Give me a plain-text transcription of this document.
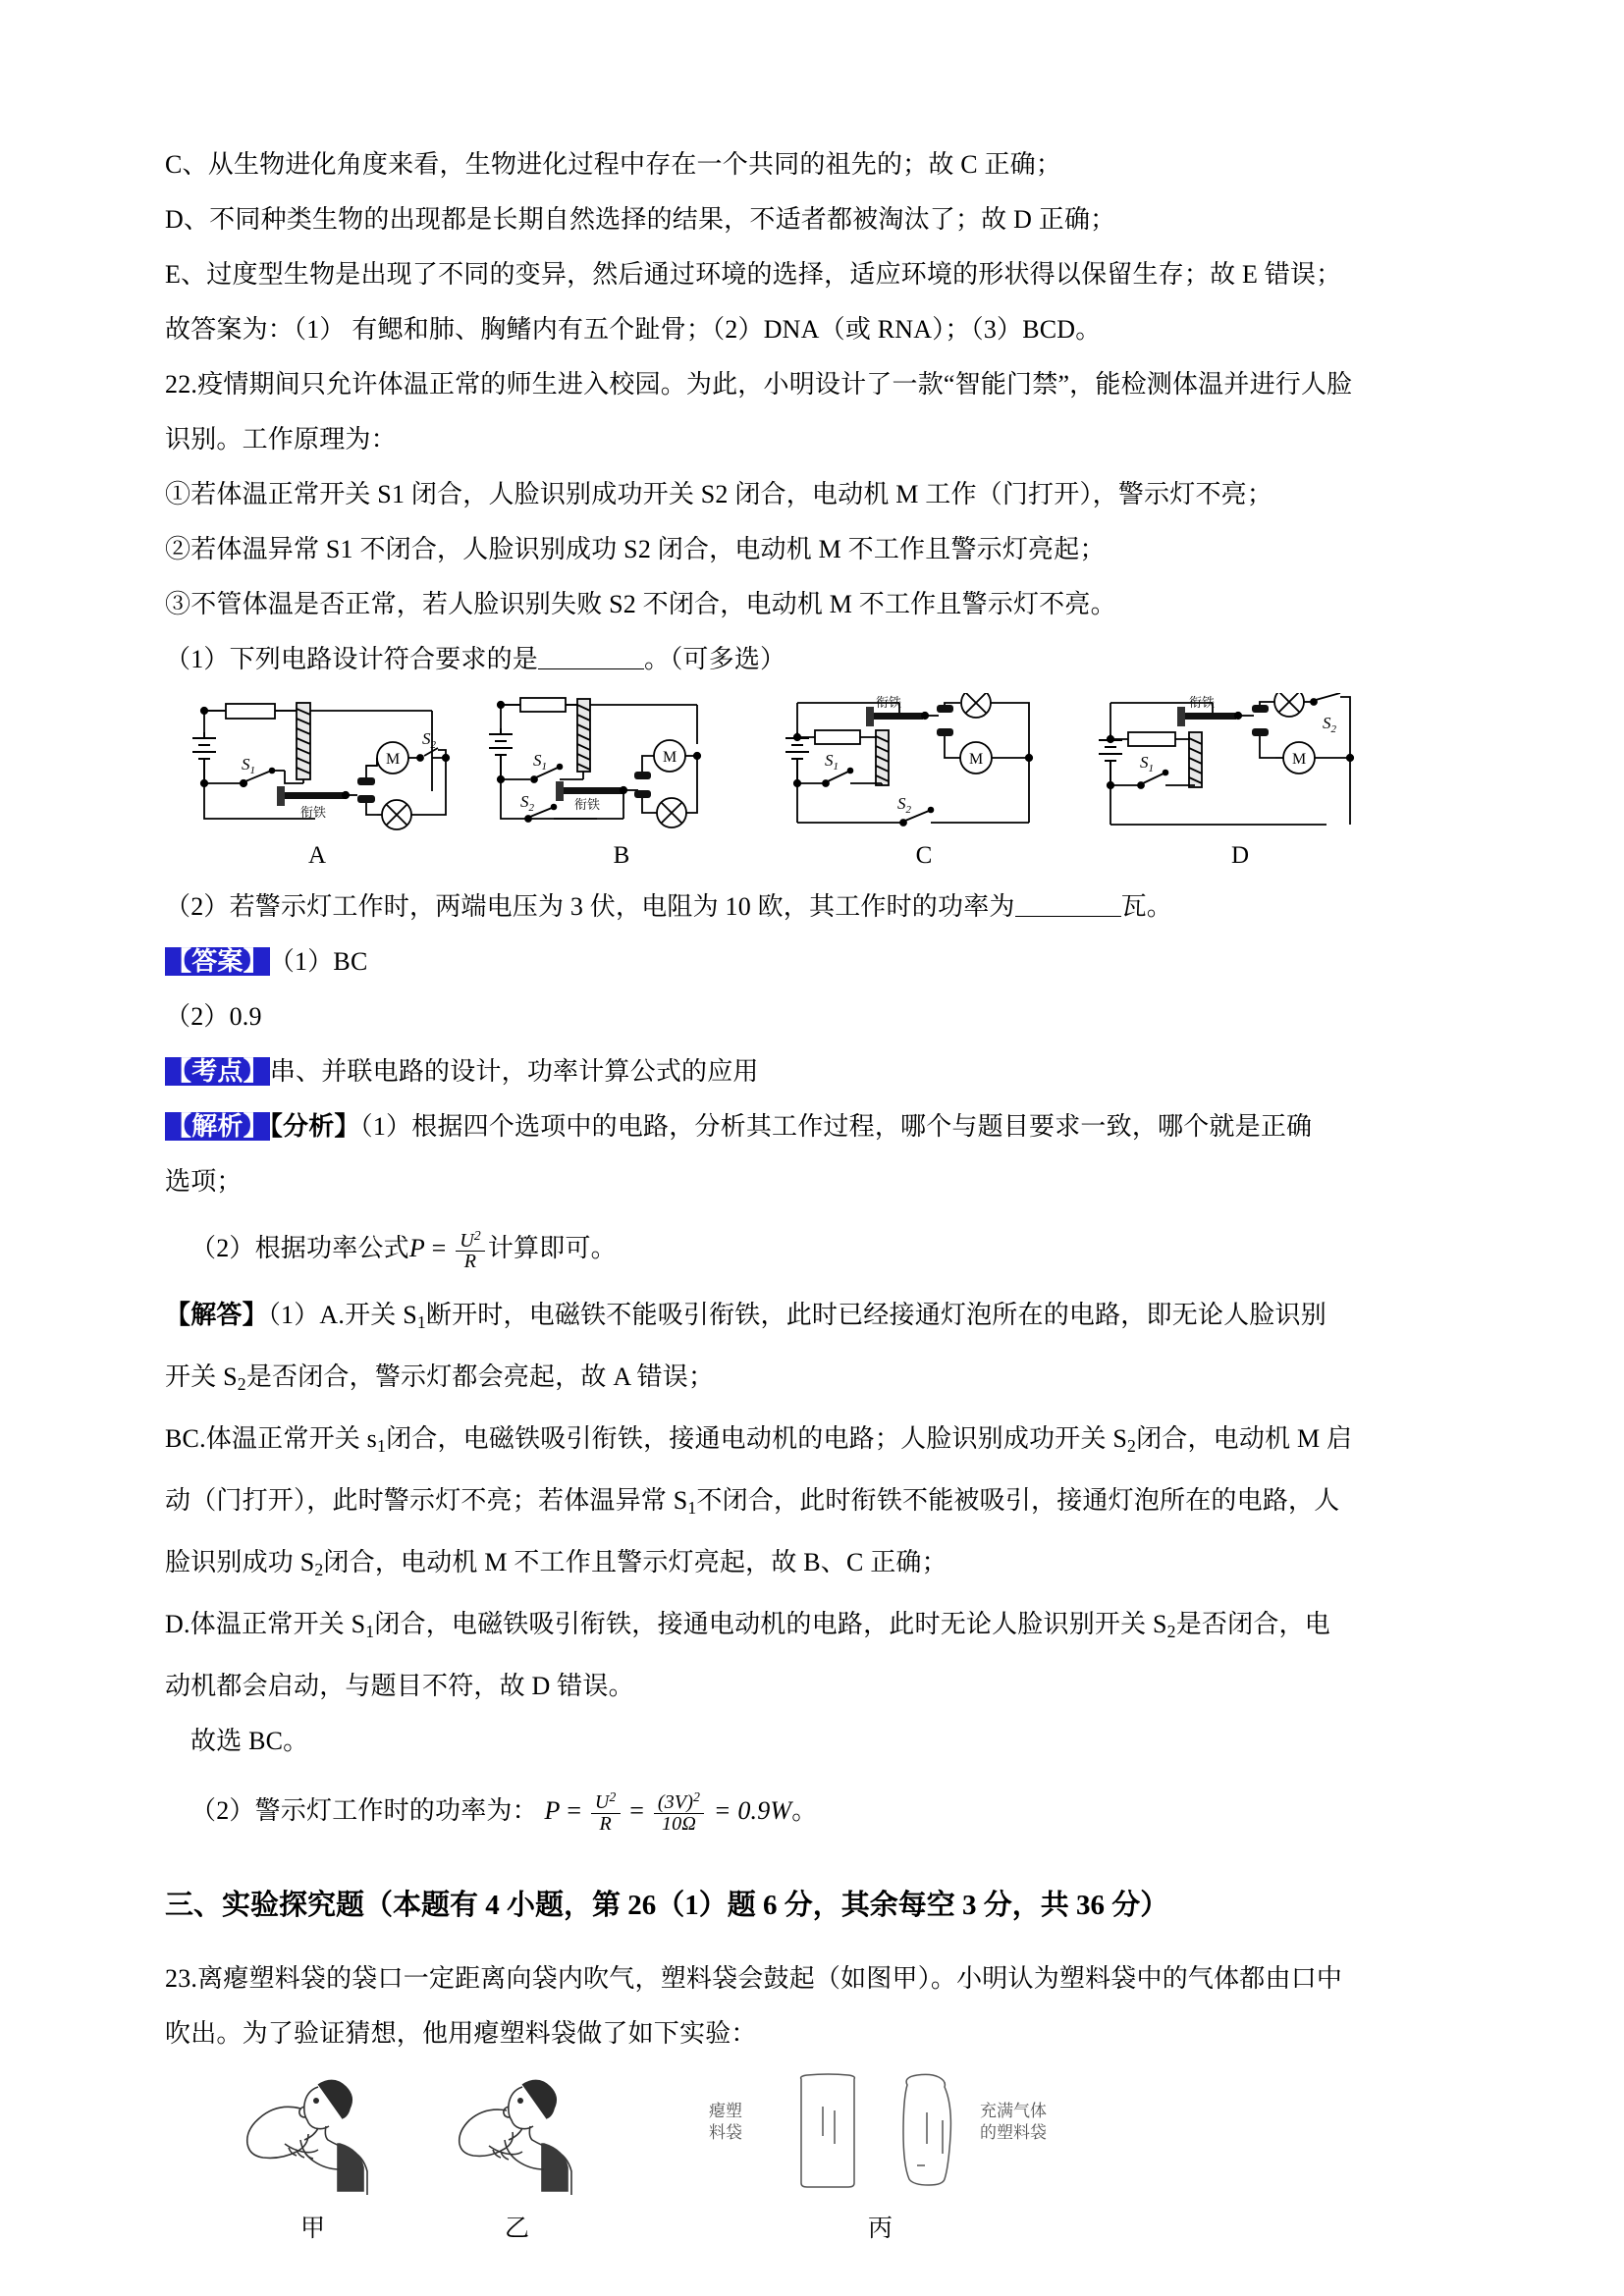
C、从生物进化角度来看，生物进化过程中存在一个共同的祖先的；故 C 正确；

D、不同种类生物的出现都是长期自然选择的结果，不适者都被淘汰了；故 D 正确；

E、过度型生物是出现了不同的变异，然后通过环境的选择，适应环境的形状得以保留生存；故 E 错误；

故答案为：（1） 有鳃和肺、胸鳍内有五个趾骨；（2）DNA（或 RNA）；（3）BCD。

22.疫情期间只允许体温正常的师生进入校园。为此，小明设计了一款“智能门禁”，能检测体温并进行人脸

识别。工作原理为：

①若体温正常开关 S1 闭合，人脸识别成功开关 S2 闭合，电动机 M 工作（门打开），警示灯不亮；

②若体温异常 S1 不闭合，人脸识别成功 S2 闭合，电动机 M 不工作且警示灯亮起；

③不管体温是否正常，若人脸识别失败 S2 不闭合，电动机 M 不工作且警示灯不亮。

（1）下列电路设计符合要求的是	。（可多选）

衔铁
$S_1$
$S_2$
M
A
衔铁
$S_1$
$S_2$
M
B
衔铁
$S_1$
$S_2$
M
C
衔铁
$S_1$
$S_2$
M
D

（2）若警示灯工作时，两端电压为 3 伏，电阻为 10 欧，其工作时的功率为	瓦。

【答案】 （1）BC

（2）0.9

【考点】串、并联电路的设计，功率计算公式的应用

【解析】【分析】（1）根据四个选项中的电路，分析其工作过程，哪个与题目要求一致，哪个就是正确

选项；

（2）根据功率公式$P = \frac{U^2}{R}$ 计算即可。

【解答】（1）A.开关 $S_1$断开时，电磁铁不能吸引衔铁，此时已经接通灯泡所在的电路，即无论人脸识别

开关 $S_2$是否闭合，警示灯都会亮起，故 A 错误；

BC.体温正常开关 $s_1$闭合，电磁铁吸引衔铁，接通电动机的电路；人脸识别成功开关 $S_2$闭合，电动机 M 启

动（门打开），此时警示灯不亮；若体温异常 $S_1$不闭合，此时衔铁不能被吸引，接通灯泡所在的电路，人

脸识别成功 $S_2$闭合，电动机 M 不工作且警示灯亮起，故 B、C 正确；

D.体温正常开关 $S_1$闭合，电磁铁吸引衔铁，接通电动机的电路，此时无论人脸识别开关 $S_2$是否闭合，电

动机都会启动，与题目不符，故 D 错误。

故选 BC。

（2）警示灯工作时的功率为： $P = \frac{U^2}{R} = \frac{(3V)^2}{10\Omega} = 0.9W$。

三、实验探究题（本题有 4 小题，第 26（1）题 6 分，其余每空 3 分，共 36 分）

23.离瘪塑料袋的袋口一定距离向袋内吹气，塑料袋会鼓起（如图甲）。小明认为塑料袋中的气体都由口中

吹出。为了验证猜想，他用瘪塑料袋做了如下实验：

甲	乙
瘪塑
料袋
充满气体
的塑料袋
丙
